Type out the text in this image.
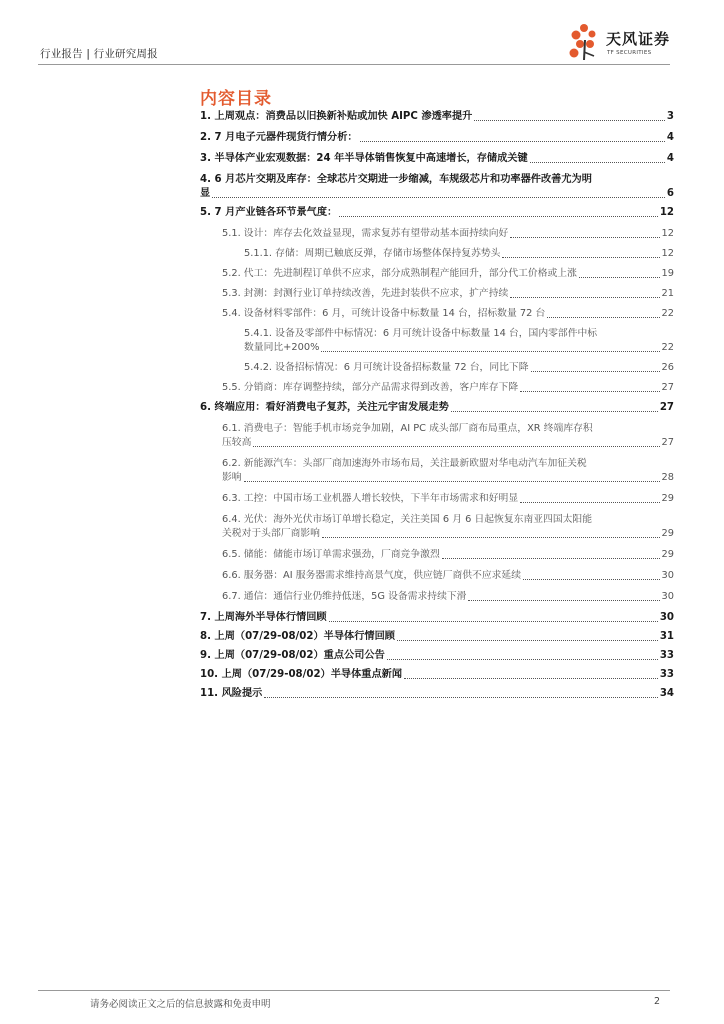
行业报告 | 行业研究周报
天风证券
TF SECURITIES
内容目录
1. 上周观点：消费品以旧换新补贴或加快 AIPC 渗透率提升	3
2. 7 月电子元器件现货行情分析：	4
3. 半导体产业宏观数据：24 年半导体销售恢复中高速增长，存储成关键	4
4. 6 月芯片交期及库存：全球芯片交期进一步缩减，车规级芯片和功率器件改善尤为明
显	6
5. 7 月产业链各环节景气度：	12
5.1. 设计：库存去化效益显现，需求复苏有望带动基本面持续向好	12
5.1.1. 存储：周期已触底反弹，存储市场整体保持复苏势头	12
5.2. 代工：先进制程订单供不应求，部分成熟制程产能回升，部分代工价格或上涨	19
5.3. 封测：封测行业订单持续改善，先进封装供不应求，扩产持续	21
5.4. 设备材料零部件：6 月，可统计设备中标数量 14 台，招标数量 72 台	22
5.4.1. 设备及零部件中标情况：6 月可统计设备中标数量 14 台，国内零部件中标
数量同比+200%	22
5.4.2. 设备招标情况：6 月可统计设备招标数量 72 台，同比下降	26
5.5. 分销商：库存调整持续，部分产品需求得到改善，客户库存下降	27
6. 终端应用：看好消费电子复苏，关注元宇宙发展走势	27
6.1. 消费电子：智能手机市场竞争加剧，AI PC 成头部厂商布局重点，XR 终端库存积
压较高	27
6.2. 新能源汽车：头部厂商加速海外市场布局，关注最新欧盟对华电动汽车加征关税
影响	28
6.3. 工控：中国市场工业机器人增长较快，下半年市场需求和好明显	29
6.4. 光伏：海外光伏市场订单增长稳定，关注美国 6 月 6 日起恢复东南亚四国太阳能
关税对于头部厂商影响	29
6.5. 储能：储能市场订单需求强劲，厂商竞争激烈	29
6.6. 服务器：AI 服务器需求维持高景气度，供应链厂商供不应求延续	30
6.7. 通信：通信行业仍维持低迷，5G 设备需求持续下滑	30
7. 上周海外半导体行情回顾	30
8. 上周（07/29-08/02）半导体行情回顾	31
9. 上周（07/29-08/02）重点公司公告	33
10. 上周（07/29-08/02）半导体重点新闻	33
11. 风险提示	34
请务必阅读正文之后的信息披露和免责申明	2
